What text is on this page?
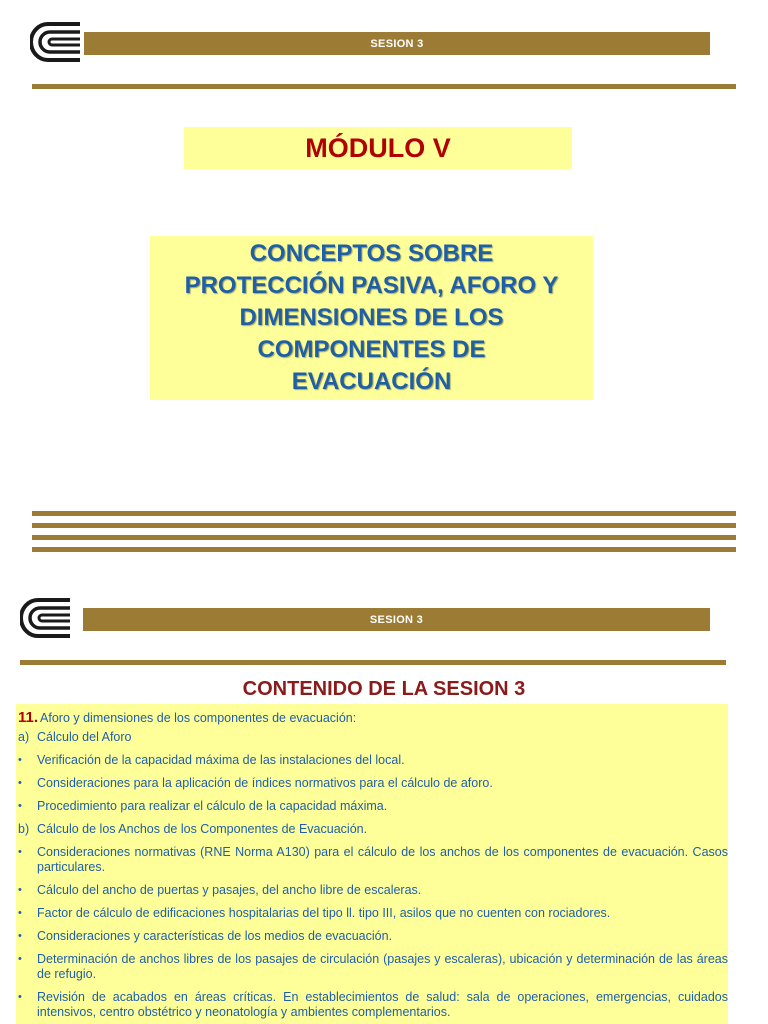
SESION 3
MÓDULO V
CONCEPTOS SOBRE
PROTECCIÓN PASIVA, AFORO Y
DIMENSIONES DE LOS
COMPONENTES DE
EVACUACIÓN
SESION 3
CONTENIDO DE LA SESION 3
11. Aforo y dimensiones de los componentes de evacuación:
a) Cálculo del Aforo
•	Verificación de la capacidad máxima de las instalaciones del local.
•	Consideraciones para la aplicación de índices normativos para el cálculo de aforo.
•	Procedimiento para realizar el cálculo de la capacidad máxima.
b) Cálculo de los Anchos de los Componentes de Evacuación.
•	Consideraciones normativas (RNE Norma A130) para el cálculo de los anchos de los componentes de evacuación. Casos particulares.
•	Cálculo del ancho de puertas y pasajes, del ancho libre de escaleras.
•	Factor de cálculo de edificaciones hospitalarias del tipo ll. tipo III, asilos que no cuenten con rociadores.
•	Consideraciones y características de los medios de evacuación.
•	Determinación de anchos libres de los pasajes de circulación (pasajes y escaleras), ubicación y determinación de las áreas de refugio.
•	Revisión de acabados en áreas críticas. En establecimientos de salud: sala de operaciones, emergencias, cuidados intensivos, centro obstétrico y neonatología y ambientes complementarios.
